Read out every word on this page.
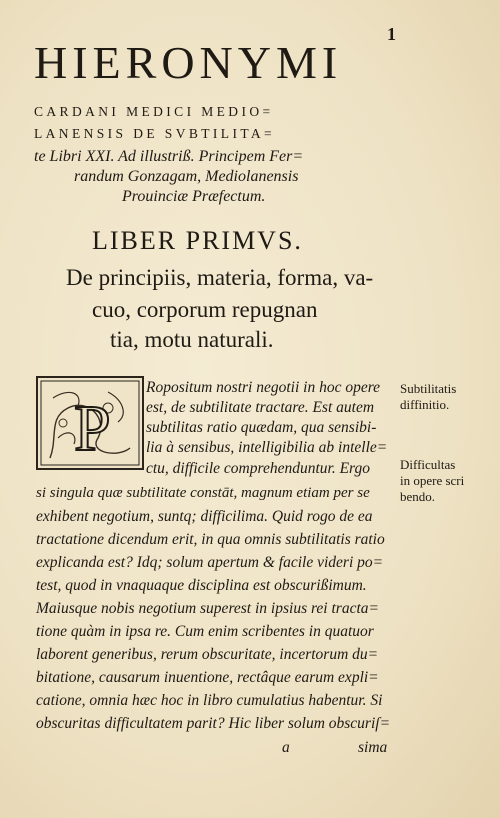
1
HIERONYMI
CARDANI MEDICI MEDIO=
LANENSIS DE SVBTILITA=
te Libri XXI. Ad illustriß. Principem Fer=
randum Gonzagam, Mediolanensis
Prouinciæ Præfectum.
LIBER PRIMVS.
De principiis, materia, forma, va-
cuo, corporum repugnan
tia, motu naturali.
P
Ropositum nostri negotii in hoc opere
est, de subtilitate tractare. Est autem
subtilitas ratio quædam, qua sensibi-
lia à sensibus, intelligibilia ab intelle=
ctu, difficile comprehenduntur. Ergo
si singula quæ subtilitate constāt, magnum etiam per se
exhibent negotium, suntq; difficilima. Quid rogo de ea
tractatione dicendum erit, in qua omnis subtilitatis ratio
explicanda est? Idq; solum apertum & facile videri po=
test, quod in vnaquaque disciplina est obscurißimum.
Maiusque nobis negotium superest in ipsius rei tracta=
tione quàm in ipsa re. Cum enim scribentes in quatuor
laborent generibus, rerum obscuritate, incertorum du=
bitatione, causarum inuentione, rectâque earum expli=
catione, omnia hæc hoc in libro cumulatius habentur. Si
obscuritas difficultatem parit? Hic liber solum obscuriſ=
a	sima
Subtilitatis
diffinitio.
Difficultas
in opere scri
bendo.
